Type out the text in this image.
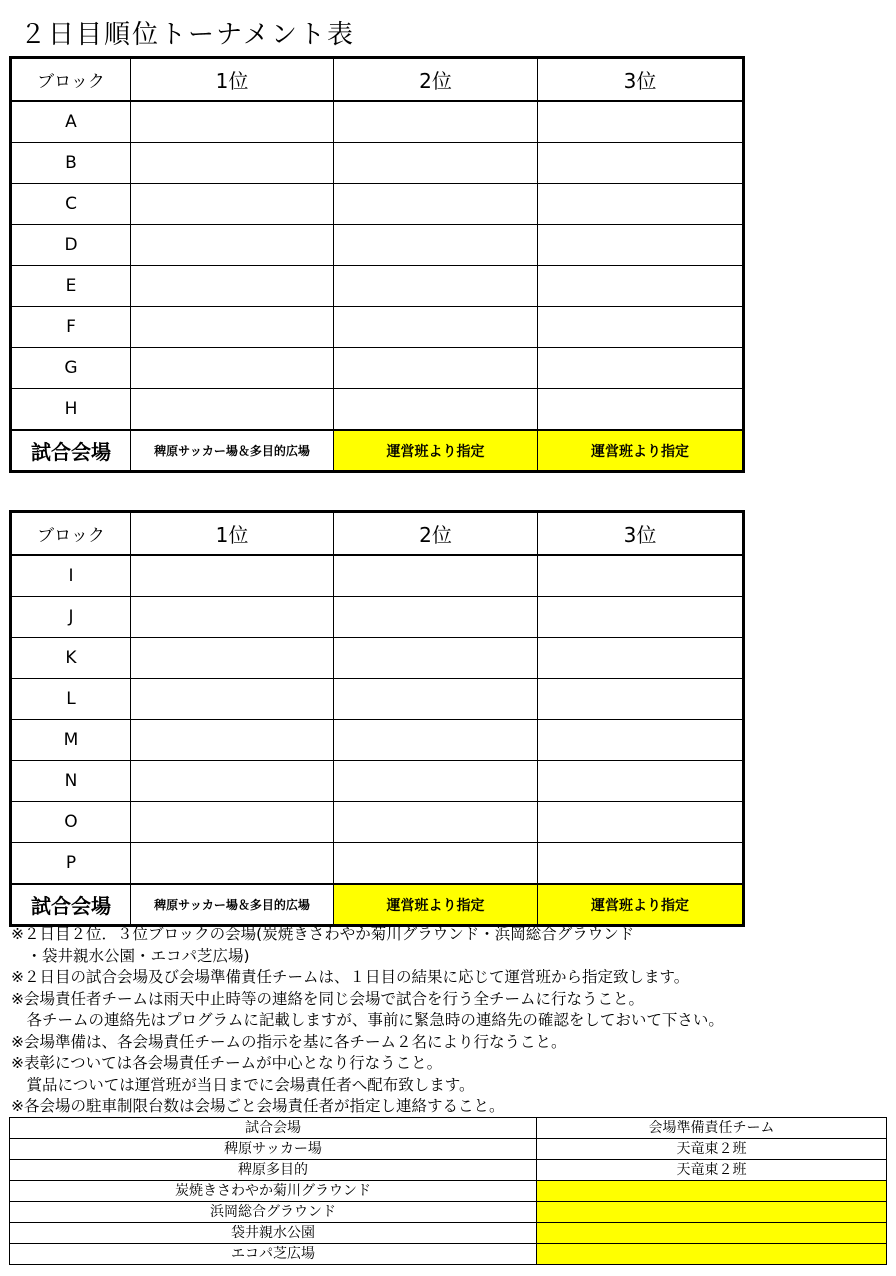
２日目順位トーナメント表
ブロック	1位	2位	3位
A			
B			
C			
D			
E			
F			
G			
H			
試合会場	稗原サッカー場＆多目的広場	運営班より指定	運営班より指定
ブロック	1位	2位	3位
I			
J			
K			
L			
M			
N			
O			
P			
試合会場	稗原サッカー場＆多目的広場	運営班より指定	運営班より指定
※２日目２位．３位ブロックの会場(炭焼きさわやか菊川グラウンド・浜岡総合グラウンド
　・袋井親水公園・エコパ芝広場)
※２日目の試合会場及び会場準備責任チームは、１日目の結果に応じて運営班から指定致します。
※会場責任者チームは雨天中止時等の連絡を同じ会場で試合を行う全チームに行なうこと。
　各チームの連絡先はプログラムに記載しますが、事前に緊急時の連絡先の確認をしておいて下さい。
※会場準備は、各会場責任チームの指示を基に各チーム２名により行なうこと。
※表彰については各会場責任チームが中心となり行なうこと。
　賞品については運営班が当日までに会場責任者へ配布致します。
※各会場の駐車制限台数は会場ごと会場責任者が指定し連絡すること。
試合会場	会場準備責任チーム
稗原サッカー場	天竜東２班
稗原多目的	天竜東２班
炭焼きさわやか菊川グラウンド	
浜岡総合グラウンド	
袋井親水公園	
エコパ芝広場	
